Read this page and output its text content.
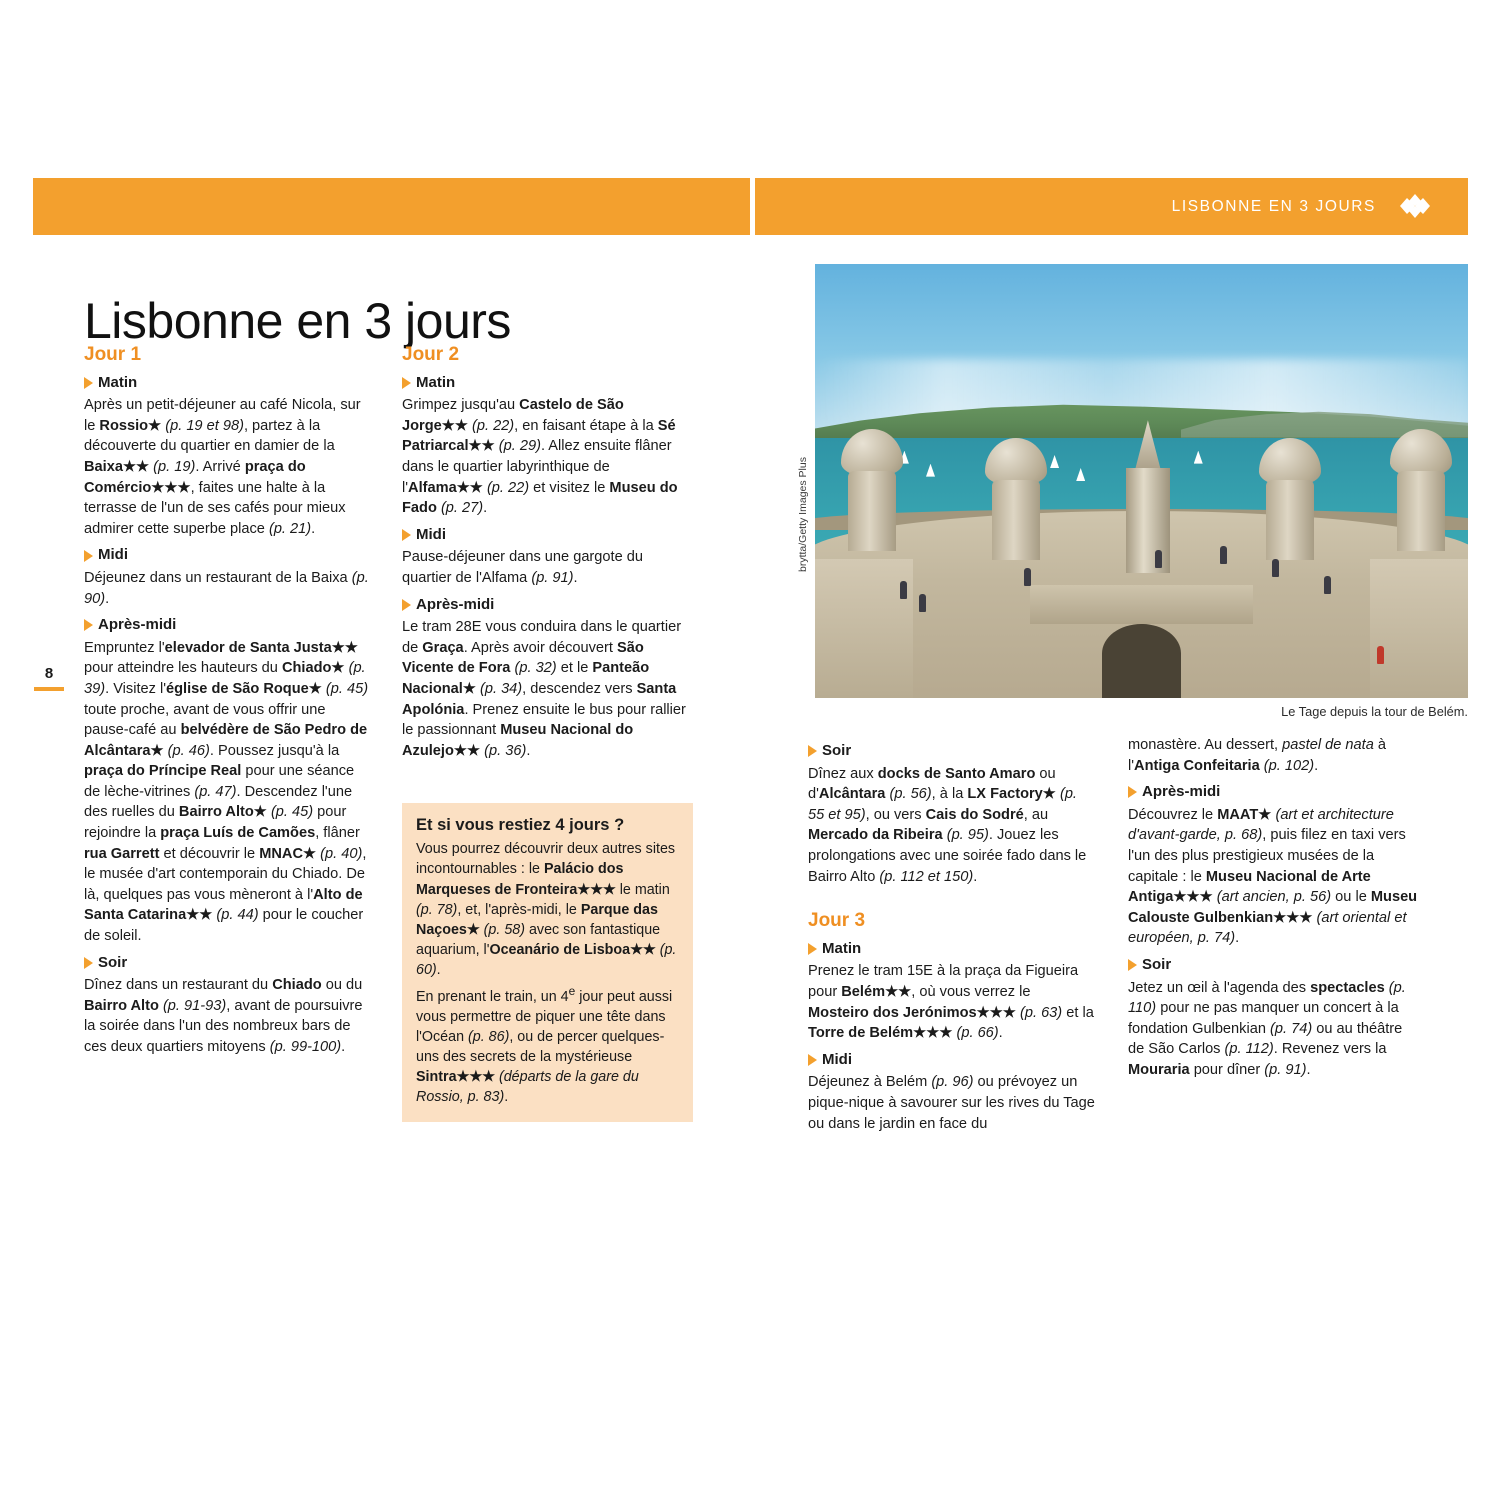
LISBONNE EN 3 JOURS
8
Lisbonne en 3 jours
Jour 1
Matin

Après un petit-déjeuner au café Nicola, sur le Rossio★ (p. 19 et 98), partez à la découverte du quartier en damier de la Baixa★★ (p. 19). Arrivé praça do Comércio★★★, faites une halte à la terrasse de l'un de ses cafés pour mieux admirer cette superbe place (p. 21).

Midi

Déjeunez dans un restaurant de la Baixa (p. 90).

Après-midi

Empruntez l'elevador de Santa Justa★★ pour atteindre les hauteurs du Chiado★ (p. 39). Visitez l'église de São Roque★ (p. 45) toute proche, avant de vous offrir une pause-café au belvédère de São Pedro de Alcântara★ (p. 46). Poussez jusqu'à la praça do Príncipe Real pour une séance de lèche-vitrines (p. 47). Descendez l'une des ruelles du Bairro Alto★ (p. 45) pour rejoindre la praça Luís de Camões, flâner rua Garrett et découvrir le MNAC★ (p. 40), le musée d'art contemporain du Chiado. De là, quelques pas vous mèneront à l'Alto de Santa Catarina★★ (p. 44) pour le coucher de soleil.

Soir

Dînez dans un restaurant du Chiado ou du Bairro Alto (p. 91-93), avant de poursuivre la soirée dans l'un des nombreux bars de ces deux quartiers mitoyens (p. 99-100).

Jour 2
Matin

Grimpez jusqu'au Castelo de São Jorge★★ (p. 22), en faisant étape à la Sé Patriarcal★★ (p. 29). Allez ensuite flâner dans le quartier labyrinthique de l'Alfama★★ (p. 22) et visitez le Museu do Fado (p. 27).

Midi

Pause-déjeuner dans une gargote du quartier de l'Alfama (p. 91).

Après-midi

Le tram 28E vous conduira dans le quartier de Graça. Après avoir découvert São Vicente de Fora (p. 32) et le Panteão Nacional★ (p. 34), descendez vers Santa Apolónia. Prenez ensuite le bus pour rallier le passionnant Museu Nacional do Azulejo★★ (p. 36).

Et si vous restiez 4 jours ?
Vous pourrez découvrir deux autres sites incontournables : le Palácio dos Marqueses de Fronteira★★★ le matin (p. 78), et, l'après-midi, le Parque das Naçoes★ (p. 58) avec son fantastique aquarium, l'Oceanário de Lisboa★★ (p. 60).
En prenant le train, un 4e jour peut aussi vous permettre de piquer une tête dans l'Océan (p. 86), ou de percer quelques-uns des secrets de la mystérieuse Sintra★★★ (départs de la gare du Rossio, p. 83).
brytta/Getty Images Plus
Le Tage depuis la tour de Belém.
Soir

Dînez aux docks de Santo Amaro ou d'Alcântara (p. 56), à la LX Factory★ (p. 55 et 95), ou vers Cais do Sodré, au Mercado da Ribeira (p. 95). Jouez les prolongations avec une soirée fado dans le Bairro Alto (p. 112 et 150).

Jour 3
Matin

Prenez le tram 15E à la praça da Figueira pour Belém★★, où vous verrez le Mosteiro dos Jerónimos★★★ (p. 63) et la Torre de Belém★★★ (p. 66).

Midi

Déjeunez à Belém (p. 96) ou prévoyez un pique-nique à savourer sur les rives du Tage ou dans le jardin en face du

monastère. Au dessert, pastel de nata à l'Antiga Confeitaria (p. 102).

Après-midi

Découvrez le MAAT★ (art et architecture d'avant-garde, p. 68), puis filez en taxi vers l'un des plus prestigieux musées de la capitale : le Museu Nacional de Arte Antiga★★★ (art ancien, p. 56) ou le Museu Calouste Gulbenkian★★★ (art oriental et européen, p. 74).

Soir

Jetez un œil à l'agenda des spectacles (p. 110) pour ne pas manquer un concert à la fondation Gulbenkian (p. 74) ou au théâtre de São Carlos (p. 112). Revenez vers la Mouraria pour dîner (p. 91).
